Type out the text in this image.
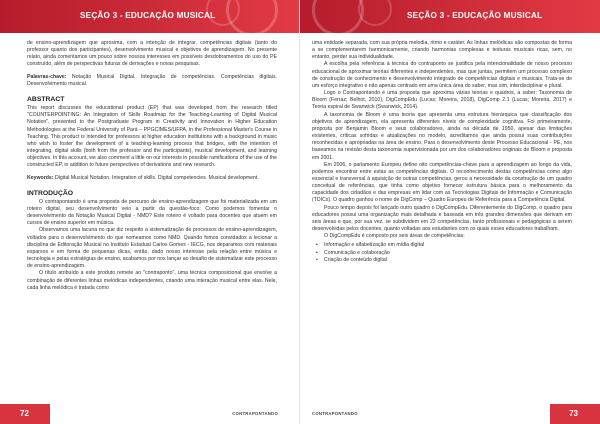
SEÇÃO 3 - EDUCAÇÃO MUSICAL

de ensino-aprendizagem que aprosima, com a intenção de integrar, competências digitais (tanto do professor quanto dos participantes), desenvolvimento musical e objetivos de aprendizagem. No presente relato, ainda comentamos um pouco sobre nossos interesses em possíveis desdobramentos do uso do PE construído, além de perspectivas futuras de derivações e novas pesquisas.

Palavras-chave: Notação Musical Digital. Integração de competências. Competências digitais. Desenvolvimento musical.

ABSTRACT

This report discusses the educational product (EP) that was developed from the research titled "COUNTERPOINTING: An Integration of Skills Roadmap for the Teaching-Learning of Digital Musical Notation", presented to the Postgraduate Program in Creativity and Innovation in Higher Education Methodologies at the Federal University of Pará – PPGCIMES/UFPA, in the Professional Master's Course in Teaching. This product is intended for professors at higher education institutions with a background in music who wish to foster the development of a teaching-learning process that bridges, with the intention of integrating, digital skills (both from the professor and the participants), musical development, and learning objectives. In this account, we also comment a little on our interests in possible ramifications of the use of the constructed EP, in addition to future perspectives of derivations and new research.

Keywords: Digital Musical Notation. Integration of skills. Digital competencies. Musical development.

INTRODUÇÃO

O contrapontando é uma proposta de percurso de ensino-aprendizagem que foi materializada em um roteiro digital, seu desenvolvimento veio a partir da questão-foco: Como podemos fomentar o desenvolvimento da Notação Musical Digital - NMD? Este roteiro é voltado para docentes que atuem em cursos de ensino superior em música.

Observamos uma lacuna no que diz respeito a sistematização de processos de ensino-aprendizagem, voltados para o desenvolvimento do que nomeamos como NMD. Quando fomos convidados a lecionar a disciplina de Editoração Musical no Instituto Estadual Carlos Gomes - IECG, nos deparamos com materiais esparsos e em forma de pequenas dicas, então, dado nosso interesse pela relação entre música e tecnologia e pelas estratégias de ensino, acabamos por nos lançar ao desafio de sistematizar este processo de ensino-aprendizagem.

O título atribuído a este produto remete ao "contraponto", uma técnica composicional que envolve a combinação de diferentes linhas melódicas independentes, criando uma interação musical entre elas. Nele, cada linha melódica é tratada como

72	CONTRAPONTANDO
SEÇÃO 3 - EDUCAÇÃO MUSICAL

uma entidade separada, com sua própria melodia, ritmo e caráter. As linhas melódicas são compostas de forma a se complementarem harmonicamente, criando harmonias complexas e texturas musicais ricas, sem, no entanto, perder sua individualidade.

A escolha pela referência à técnica do contraponto se justifica pela intencionalidade de nosso processo educacional de aproximar teorias diferentes e independentes, mas que juntas, permitem um processo complexo de construção de conhecimento e desenvolvimento integrado de competências digitais e musicais. Trata-se de um esforço integrativo e não apenas centrado em uma única área do saber, mas sim, interdisciplinar e plural.

Logo o Contrapontando é uma proposta que aproxima várias teorias e quadros, a saber: Taxonomia de Bloom (Ferraz; Belhot, 2010), DigCompEdu (Lucas; Moreira, 2018), DigComp 2.1 (Lucas; Moreira, 2017) e Teoria espiral de Swanwick (Swanwick, 2014).

A taxonomia de Bloom é uma teoria que apresenta uma estrutura hierárquica que classificação dos objetivos de aprendizagem, ela apresenta diferentes níveis de complexidade cognitiva. Foi primeiramente, proposta por Benjamin Bloom e seus colaboradores, ainda na década de 1950, apesar das limitações existentes, críticas sofridas e atualizações no modelo, acreditamos que ainda possui suas contribuições reconhecidas e apropriadas na área de ensino. Para o desenvolvimento deste Processo Educacional - PE, nos baseamos na revisão desta taxonomia supervisionada por um dos colaboradores originais de Bloom e proposta em 2001.

Em 2006, o parlamento Europeu define oito competências-chave para a aprendizagem ao longo da vida, podemos encontrar entre estas as competências digitais. O reconhecimento destas competências como algo essencial e transversal à aquisição de outras competências, gerou a necessidade da construção de um quadro conceitual de referências, que tinha como objetivo fornecer estrutura básica para o melhoramento da capacidade dos cidadãos e das empresas em lidar com as Tecnologias Digitais de Informação e Comunicação (TDICs). O quadro ganhou o nome de DigComp – Quadro Europeu de Referência para a Competência Digital.

Pouco tempo depois foi lançado outro quadro o DigCompEdu. Diferentemente do DigComp, o quadro para educadores possui uma organização mais detalhada e baseada em três grandes dimensões que derivam em seis áreas e que, por sua vez, se subdividem em 22 competências, tanto profissionais e pedagógicas a serem desenvolvidas pelos docentes, quanto voltadas aos estudantes com os quais esses educadores trabalham.

O DigCompEdu é composto por seis áreas de competências:

• Informação e alfabetização em mídia digital
• Comunicação e colaboração
• Criação de conteúdo digital
CONTRAPONTANDO	73
